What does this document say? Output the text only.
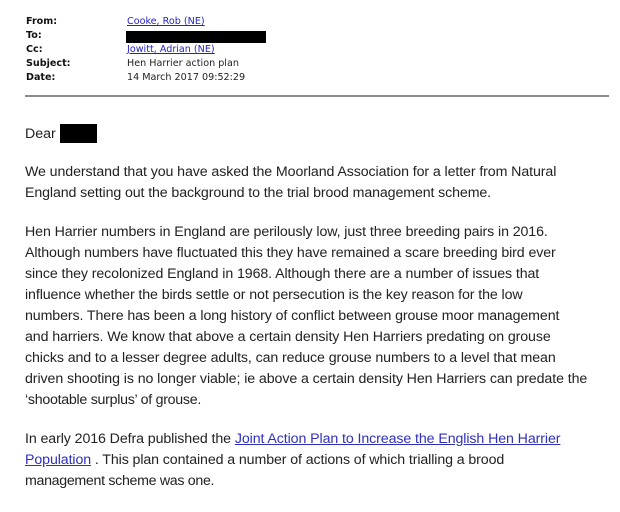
From:	Cooke, Rob (NE)
To:
Cc:	Jowitt, Adrian (NE)
Subject:	Hen Harrier action plan
Date:	14 March 2017 09:52:29
Dear

We understand that you have asked the Moorland Association for a letter from Natural
England setting out the background to the trial brood management scheme.

Hen Harrier numbers in England are perilously low, just three breeding pairs in 2016.
Although numbers have fluctuated this they have remained a scare breeding bird ever
since they recolonized England in 1968. Although there are a number of issues that
influence whether the birds settle or not persecution is the key reason for the low
numbers. There has been a long history of conflict between grouse moor management
and harriers. We know that above a certain density Hen Harriers predating on grouse
chicks and to a lesser degree adults, can reduce grouse numbers to a level that mean
driven shooting is no longer viable; ie above a certain density Hen Harriers can predate the
‘shootable surplus’ of grouse.

In early 2016 Defra published the Joint Action Plan to Increase the English Hen Harrier
Population . This plan contained a number of actions of which trialling a brood
management scheme was one.
